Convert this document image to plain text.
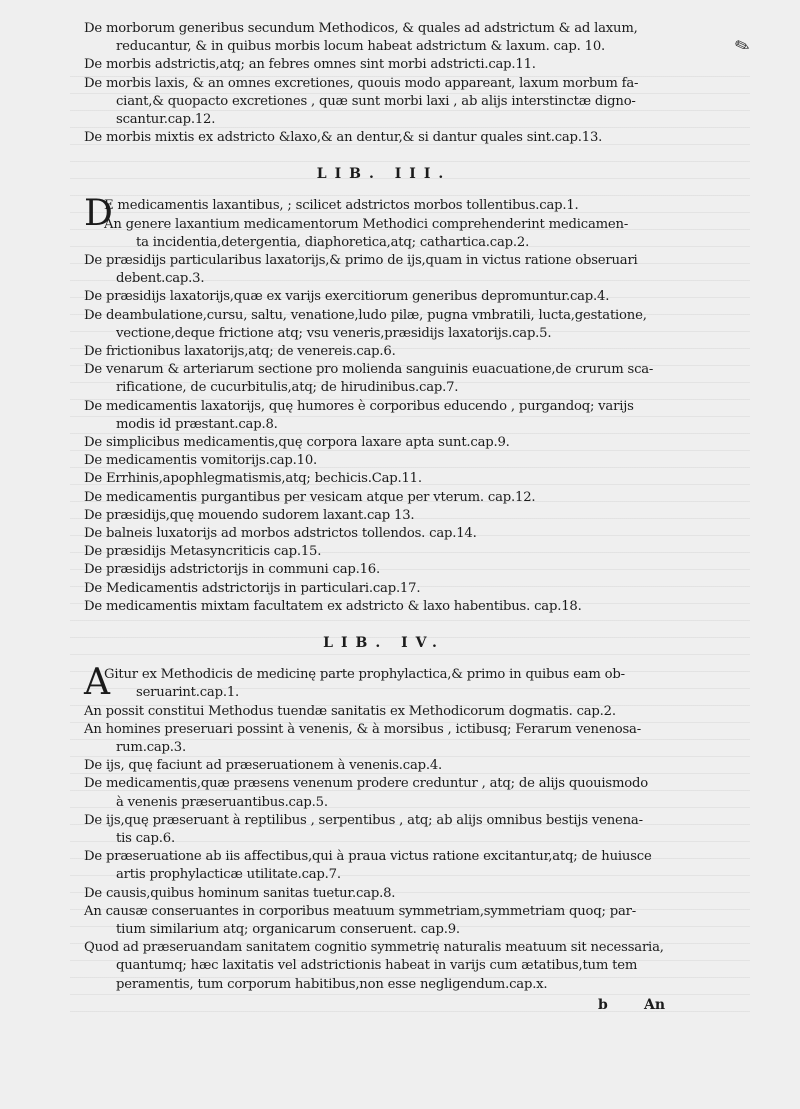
✎

De morborum generibus secundum Methodicos, & quales ad adstrictum & ad laxum,
reducantur, & in quibus morbis locum habeat adstrictum & laxum. cap. 10.

De morbis adstrictis,atq; an febres omnes sint morbi adstricti.cap.11.

De morbis laxis, & an omnes excretiones, quouis modo appareant, laxum morbum fa-
ciant,& quopacto excretiones , quæ sunt morbi laxi , ab alijs interstinctæ digno-
scantur.cap.12.

De morbis mixtis ex adstricto &laxo,& an dentur,& si dantur quales sint.cap.13.

LIB. III.

D
E medicamentis laxantibus, ; scilicet adstrictos morbos tollentibus.cap.1.

An genere laxantium medicamentorum Methodici comprehenderint medicamen-
ta incidentia,detergentia, diaphoretica,atq; cathartica.cap.2.

De præsidijs particularibus laxatorijs,& primo de ijs,quam in victus ratione obseruari
debent.cap.3.

De præsidijs laxatorijs,quæ ex varijs exercitiorum generibus depromuntur.cap.4.

De deambulatione,cursu, saltu, venatione,ludo pilæ, pugna vmbratili, lucta,gestatione,
vectione,deque frictione atq; vsu veneris,præsidijs laxatorijs.cap.5.

De frictionibus laxatorijs,atq; de venereis.cap.6.

De venarum & arteriarum sectione pro molienda sanguinis euacuatione,de crurum sca-
rificatione, de cucurbitulis,atq; de hirudinibus.cap.7.

De medicamentis laxatorijs, quę humores è corporibus educendo , purgandoq; varijs
modis id præstant.cap.8.

De simplicibus medicamentis,quę corpora laxare apta sunt.cap.9.

De medicamentis vomitorijs.cap.10.

De Errhinis,apophlegmatismis,atq; bechicis.Cap.11.

De medicamentis purgantibus per vesicam atque per vterum. cap.12.

De præsidijs,quę mouendo sudorem laxant.cap 13.

De balneis luxatorijs ad morbos adstrictos tollendos. cap.14.

De præsidijs Metasyncriticis cap.15.

De præsidijs adstrictorijs in communi cap.16.

De Medicamentis adstrictorijs in particulari.cap.17.

De medicamentis mixtam facultatem ex adstricto & laxo habentibus. cap.18.

LIB. IV.

A
Gitur ex Methodicis de medicinę parte prophylactica,& primo in quibus eam ob-
seruarint.cap.1.

An possit constitui Methodus tuendæ sanitatis ex Methodicorum dogmatis. cap.2.

An homines preseruari possint à venenis, & à morsibus , ictibusq; Ferarum venenosa-
rum.cap.3.

De ijs, quę faciunt ad præseruationem à venenis.cap.4.

De medicamentis,quæ præsens venenum prodere creduntur , atq; de alijs quouismodo
à venenis præseruantibus.cap.5.

De ijs,quę præseruant à reptilibus , serpentibus , atq; ab alijs omnibus bestijs venena-
tis cap.6.

De præseruatione ab iis affectibus,qui à praua victus ratione excitantur,atq; de huiusce
artis prophylacticæ utilitate.cap.7.

De causis,quibus hominum sanitas tuetur.cap.8.

An causæ conseruantes in corporibus meatuum symmetriam,symmetriam quoq; par-
tium similarium atq; organicarum conseruent. cap.9.

Quod ad præseruandam sanitatem cognitio symmetrię naturalis meatuum sit necessaria,
quantumq; hæc laxitatis vel adstrictionis habeat in varijs cum ætatibus,tum tem
peramentis, tum corporum habitibus,non esse negligendum.cap.x.

b	An
